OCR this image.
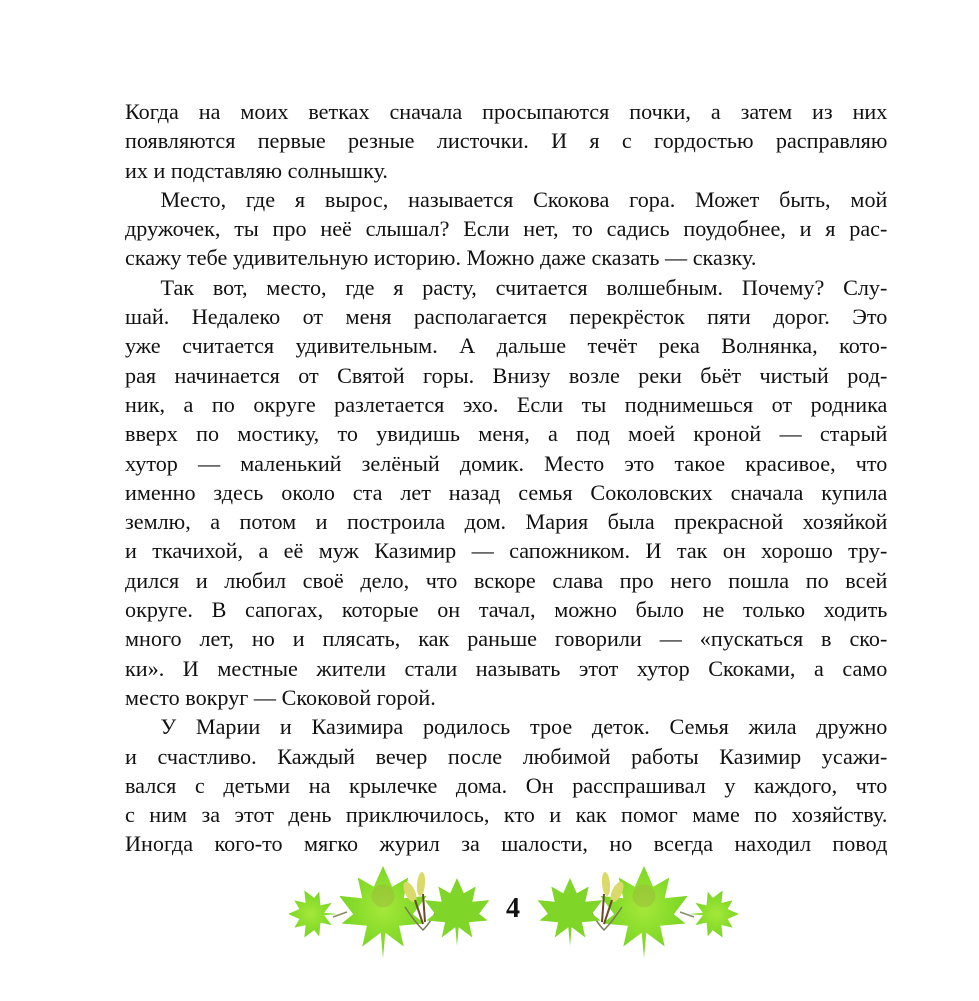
Когда на моих ветках сначала просыпаются почки, а затем из них
появляются первые резные листочки. И я с гордостью расправляю
их и подставляю солнышку.
Место, где я вырос, называется Скокова гора. Может быть, мой
дружочек, ты про неё слышал? Если нет, то садись поудобнее, и я рас-
скажу тебе удивительную историю. Можно даже сказать — сказку.
Так вот, место, где я расту, считается волшебным. Почему? Слу-
шай. Недалеко от меня располагается перекрёсток пяти дорог. Это
уже считается удивительным. А дальше течёт река Волнянка, кото-
рая начинается от Святой горы. Внизу возле реки бьёт чистый род-
ник, а по округе разлетается эхо. Если ты поднимешься от родника
вверх по мостику, то увидишь меня, а под моей кроной — старый
хутор — маленький зелёный домик. Место это такое красивое, что
именно здесь около ста лет назад семья Соколовских сначала купила
землю, а потом и построила дом. Мария была прекрасной хозяйкой
и ткачихой, а её муж Казимир — сапожником. И так он хорошо тру-
дился и любил своё дело, что вскоре слава про него пошла по всей
округе. В сапогах, которые он тачал, можно было не только ходить
много лет, но и плясать, как раньше говорили — «пускаться в ско-
ки». И местные жители стали называть этот хутор Скоками, а само
место вокруг — Скоковой горой.
У Марии и Казимира родилось трое деток. Семья жила дружно
и счастливо. Каждый вечер после любимой работы Казимир усажи-
вался с детьми на крылечке дома. Он расспрашивал у каждого, что
с ним за этот день приключилось, кто и как помог маме по хозяйству.
Иногда кого-то мягко журил за шалости, но всегда находил повод
4
